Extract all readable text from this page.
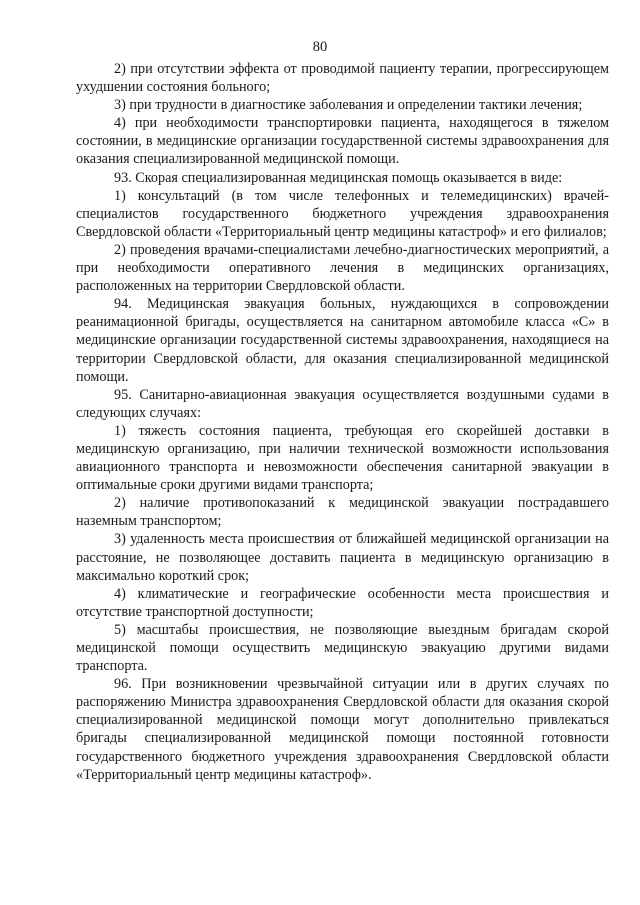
80

2) при отсутствии эффекта от проводимой пациенту терапии, прогрессирующем ухудшении состояния больного;

3) при трудности в диагностике заболевания и определении тактики лечения;

4) при необходимости транспортировки пациента, находящегося в тяжелом состоянии, в медицинские организации государственной системы здравоохранения для оказания специализированной медицинской помощи.

93. Скорая специализированная медицинская помощь оказывается в виде:

1) консультаций (в том числе телефонных и телемедицинских) врачей-специалистов государственного бюджетного учреждения здравоохранения Свердловской области «Территориальный центр медицины катастроф» и его филиалов;

2) проведения врачами-специалистами лечебно-диагностических мероприятий, а при необходимости оперативного лечения в медицинских организациях, расположенных на территории Свердловской области.

94. Медицинская эвакуация больных, нуждающихся в сопровождении реанимационной бригады, осуществляется на санитарном автомобиле класса «С» в медицинские организации государственной системы здравоохранения, находящиеся на территории Свердловской области, для оказания специализированной медицинской помощи.

95. Санитарно-авиационная эвакуация осуществляется воздушными судами в следующих случаях:

1) тяжесть состояния пациента, требующая его скорейшей доставки в медицинскую организацию, при наличии технической возможности использования авиационного транспорта и невозможности обеспечения санитарной эвакуации в оптимальные сроки другими видами транспорта;

2) наличие противопоказаний к медицинской эвакуации пострадавшего наземным транспортом;

3) удаленность места происшествия от ближайшей медицинской организации на расстояние, не позволяющее доставить пациента в медицинскую организацию в максимально короткий срок;

4) климатические и географические особенности места происшествия и отсутствие транспортной доступности;

5) масштабы происшествия, не позволяющие выездным бригадам скорой медицинской помощи осуществить медицинскую эвакуацию другими видами транспорта.

96. При возникновении чрезвычайной ситуации или в других случаях по распоряжению Министра здравоохранения Свердловской области для оказания скорой специализированной медицинской помощи могут дополнительно привлекаться бригады специализированной медицинской помощи постоянной готовности государственного бюджетного учреждения здравоохранения Свердловской области «Территориальный центр медицины катастроф».
